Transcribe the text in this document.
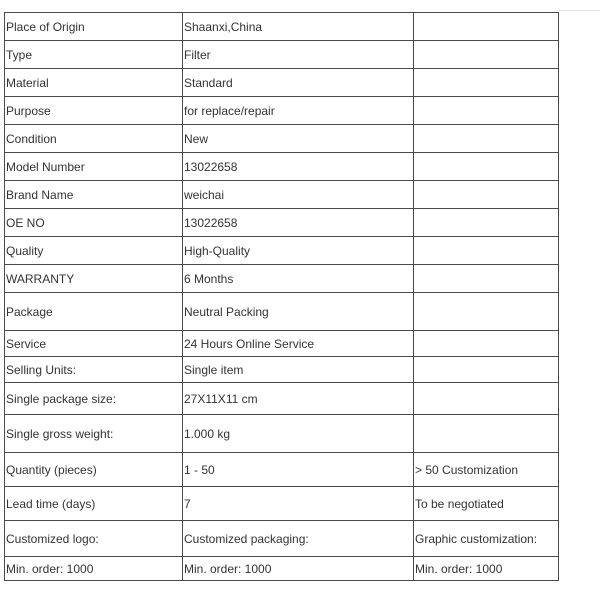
Place of Origin	Shaanxi,China	
Type	Filter	
Material	Standard	
Purpose	for replace/repair	
Condition	New	
Model Number	13022658	
Brand Name	weichai	
OE NO	13022658	
Quality	High-Quality	
WARRANTY	6 Months	
Package	Neutral Packing	
Service	24 Hours Online Service	
Selling Units:	Single item	
Single package size:	27X11X11 cm	
Single gross weight:	1.000 kg	
Quantity (pieces)	1 - 50	> 50 Customization
Lead time (days)	7	To be negotiated
Customized logo:	Customized packaging:	Graphic customization:
Min. order: 1000	Min. order: 1000	Min. order: 1000
